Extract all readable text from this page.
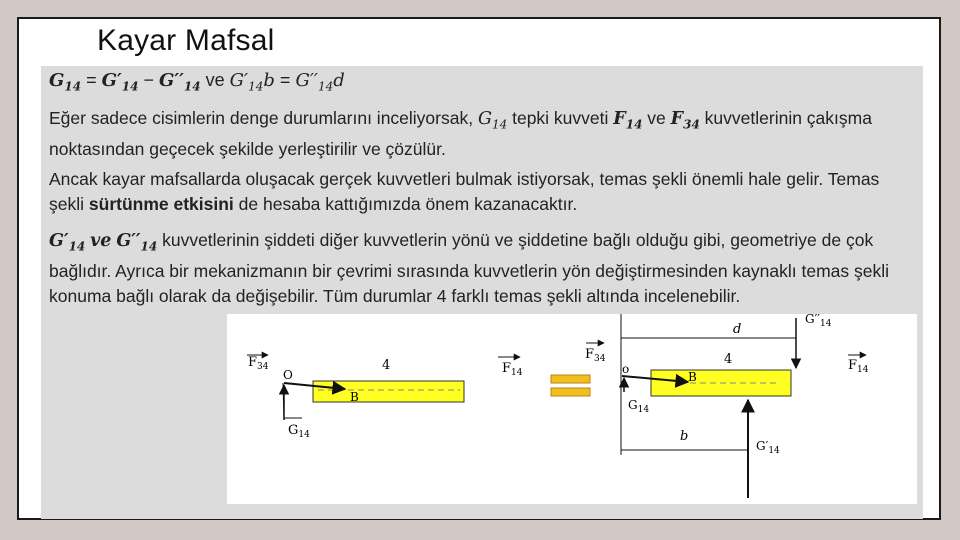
Kayar Mafsal
$G_{14} = G'_{14} - G''_{14}$ ve $G'_{14}b = G''_{14}d$
Eğer sadece cisimlerin denge durumlarını inceliyorsak, $G_{14}$ tepki kuvveti $F_{14}$ ve $F_{34}$ kuvvetlerinin çakışma noktasından geçecek şekilde yerleştirilir ve çözülür.
Ancak kayar mafsallarda oluşacak gerçek kuvvetleri bulmak istiyorsak, temas şekli önemli hale gelir. Temas şekli sürtünme etkisini de hesaba kattığımızda önem kazanacaktır.
$G'_{14}$ ve $G''_{14}$ kuvvetlerinin şiddeti diğer kuvvetlerin yönü ve şiddetine bağlı olduğu gibi, geometriye de çok bağlıdır. Ayrıca bir mekanizmanın bir çevrimi sırasında kuvvetlerin yön değiştirmesinden kaynaklı temas şekli konuma bağlı olarak da değişebilir. Tüm durumlar 4 farklı temas şekli altında incelenebilir.
$F_{34}$
O
4
B
$F_{14}$
$G_{14}$
d
$G''_{14}$
$F_{34}$
o
B
4	$F_{14}$
$G_{14}$
b
$G'_{14}$
